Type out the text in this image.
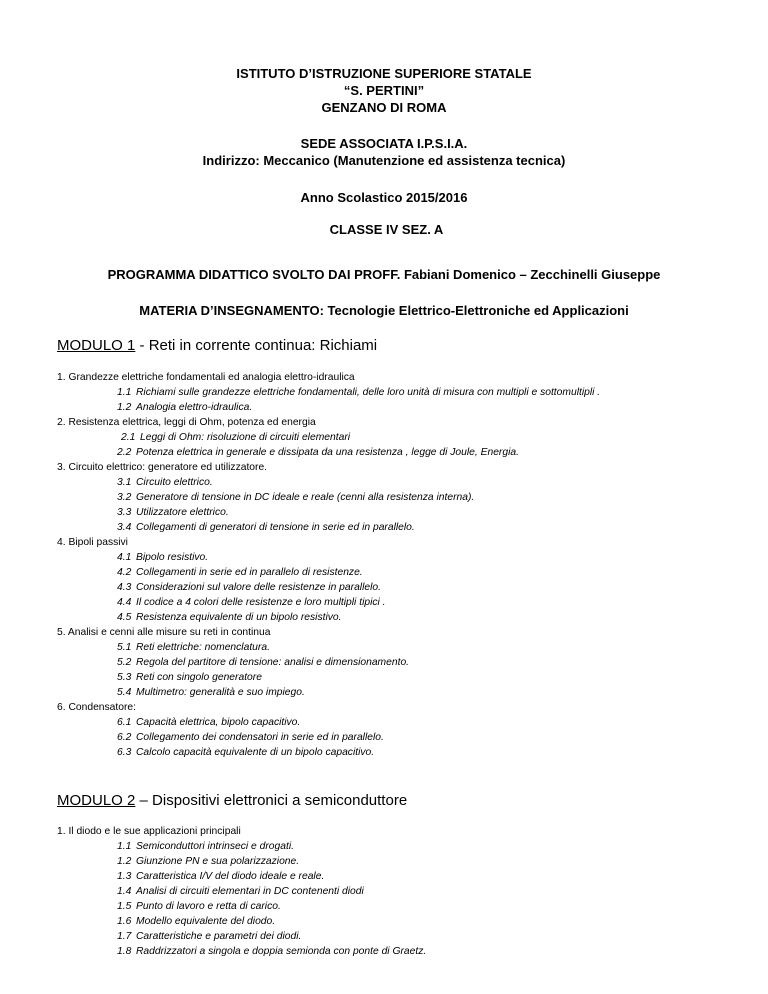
ISTITUTO D’ISTRUZIONE SUPERIORE STATALE
“S. PERTINI”
GENZANO DI ROMA
SEDE ASSOCIATA I.P.S.I.A.
Indirizzo: Meccanico (Manutenzione ed assistenza tecnica)
Anno Scolastico 2015/2016
CLASSE IV SEZ. A
PROGRAMMA DIDATTICO SVOLTO DAI PROFF. Fabiani Domenico – Zecchinelli Giuseppe
MATERIA D’INSEGNAMENTO: Tecnologie Elettrico-Elettroniche ed Applicazioni
MODULO 1 - Reti in corrente continua: Richiami
1. Grandezze elettriche fondamentali ed analogia elettro-idraulica
1.1 Richiami sulle grandezze elettriche fondamentali, delle loro unità di misura con multipli e sottomultipli .
1.2 Analogia elettro-idraulica.
2. Resistenza elettrica, leggi di Ohm, potenza ed energia
2.1 Leggi di Ohm: risoluzione di circuiti elementari
2.2 Potenza elettrica in generale e dissipata da una resistenza , legge di Joule, Energia.
3. Circuito elettrico: generatore ed utilizzatore.
3.1 Circuito elettrico.
3.2 Generatore di tensione in DC ideale e reale (cenni alla resistenza interna).
3.3 Utilizzatore elettrico.
3.4 Collegamenti di generatori di tensione in serie ed in parallelo.
4. Bipoli passivi
4.1 Bipolo resistivo.
4.2 Collegamenti in serie ed in parallelo di resistenze.
4.3 Considerazioni sul valore delle resistenze in parallelo.
4.4 Il codice a 4 colori delle resistenze e loro multipli tipici .
4.5 Resistenza equivalente di un bipolo resistivo.
5. Analisi e cenni alle misure su reti in continua
5.1 Reti elettriche: nomenclatura.
5.2 Regola del partitore di tensione: analisi e dimensionamento.
5.3 Reti con singolo generatore
5.4 Multimetro: generalità e suo impiego.
6. Condensatore:
6.1 Capacità elettrica, bipolo capacitivo.
6.2 Collegamento dei condensatori in serie ed in parallelo.
6.3 Calcolo capacità equivalente di un bipolo capacitivo.
MODULO 2 – Dispositivi elettronici a semiconduttore
1. Il diodo e le sue applicazioni principali
1.1 Semiconduttori intrinseci e drogati.
1.2 Giunzione PN e sua polarizzazione.
1.3 Caratteristica I/V del diodo ideale e reale.
1.4 Analisi di circuiti elementari in DC contenenti diodi
1.5 Punto di lavoro e retta di carico.
1.6 Modello equivalente del diodo.
1.7 Caratteristiche e parametri dei diodi.
1.8 Raddrizzatori a singola e doppia semionda con ponte di Graetz.
